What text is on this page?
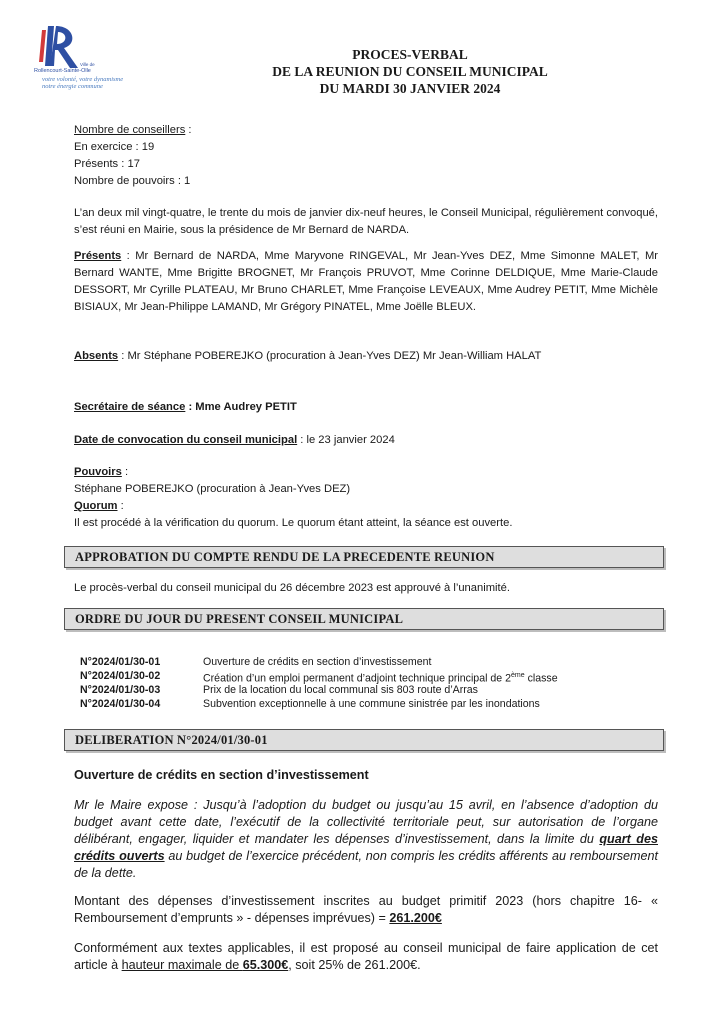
Ville de
Rollencourt-Sainte-Olle
votre volonté, votre dynamisme
notre énergie commune
PROCES-VERBAL
DE LA REUNION DU CONSEIL MUNICIPAL
DU MARDI 30 JANVIER 2024
Nombre de conseillers :
En exercice : 19
Présents : 17
Nombre de pouvoirs : 1
L’an deux mil vingt-quatre, le trente du mois de janvier dix-neuf heures, le Conseil Municipal, régulièrement convoqué, s’est réuni en Mairie, sous la présidence de Mr Bernard de NARDA.
Présents : Mr Bernard de NARDA, Mme Maryvone RINGEVAL, Mr Jean-Yves DEZ, Mme Simonne MALET, Mr Bernard WANTE, Mme Brigitte BROGNET, Mr François PRUVOT, Mme Corinne DELDIQUE, Mme Marie-Claude DESSORT, Mr Cyrille PLATEAU, Mr Bruno CHARLET, Mme Françoise LEVEAUX, Mme Audrey PETIT, Mme Michèle BISIAUX, Mr Jean-Philippe LAMAND, Mr Grégory PINATEL, Mme Joëlle BLEUX.
Absents : Mr Stéphane POBEREJKO (procuration à Jean-Yves DEZ) Mr Jean-William HALAT
Secrétaire de séance : Mme Audrey PETIT
Date de convocation du conseil municipal : le 23 janvier 2024
Pouvoirs :
Stéphane POBEREJKO (procuration à Jean-Yves DEZ)
Quorum :
Il est procédé à la vérification du quorum. Le quorum étant atteint, la séance est ouverte.
APPROBATION DU COMPTE RENDU DE LA PRECEDENTE REUNION
Le procès-verbal du conseil municipal du 26 décembre 2023 est approuvé à l’unanimité.
ORDRE DU JOUR DU PRESENT CONSEIL MUNICIPAL
N°2024/01/30-01	Ouverture de crédits en section d’investissement
N°2024/01/30-02	Création d’un emploi permanent d’adjoint technique principal de 2ème classe
N°2024/01/30-03	Prix de la location du local communal sis 803 route d’Arras
N°2024/01/30-04	Subvention exceptionnelle à une commune sinistrée par les inondations
DELIBERATION N°2024/01/30-01
Ouverture de crédits en section d’investissement
Mr le Maire expose : Jusqu’à l’adoption du budget ou jusqu’au 15 avril, en l’absence d’adoption du budget avant cette date, l’exécutif de la collectivité territoriale peut, sur autorisation de l’organe délibérant, engager, liquider et mandater les dépenses d’investissement, dans la limite du quart des crédits ouverts au budget de l’exercice précédent, non compris les crédits afférents au remboursement de la dette.
Montant des dépenses d’investissement inscrites au budget primitif 2023 (hors chapitre 16- « Remboursement d’emprunts » - dépenses imprévues) = 261.200€
Conformément aux textes applicables, il est proposé au conseil municipal de faire application de cet article à hauteur maximale de 65.300€, soit 25% de 261.200€.
